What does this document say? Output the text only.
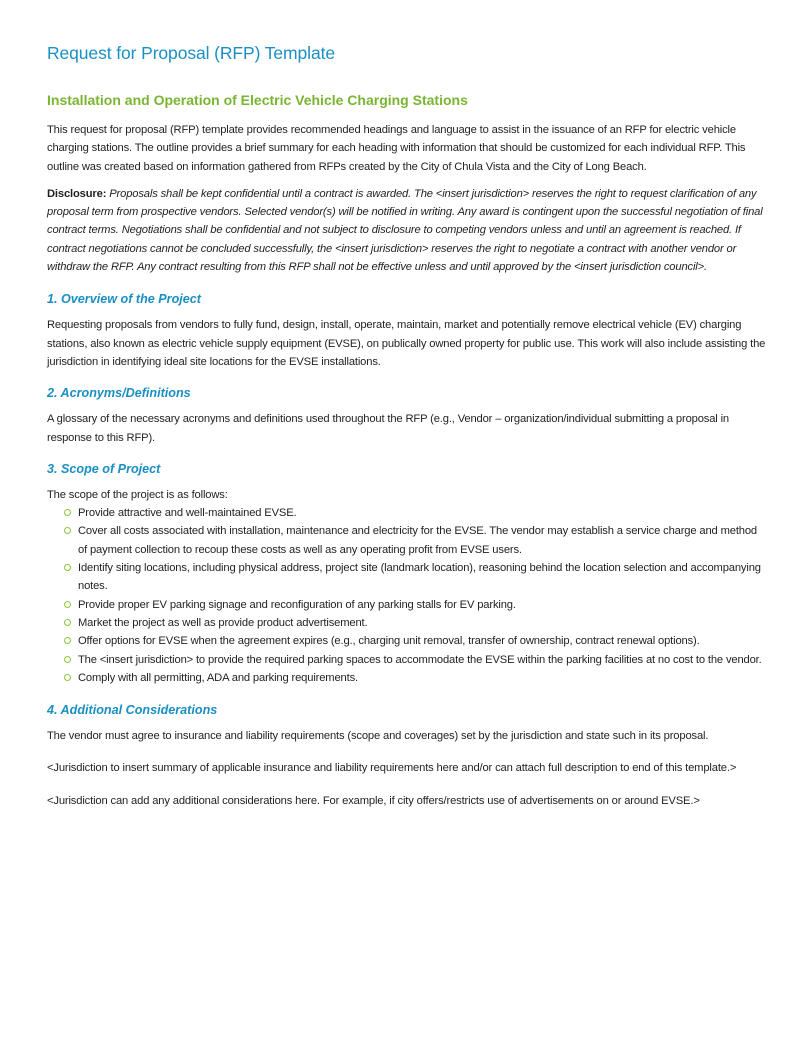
Request for Proposal (RFP) Template
Installation and Operation of Electric Vehicle Charging Stations

This request for proposal (RFP) template provides recommended headings and language to assist in the issuance of an RFP for electric vehicle charging stations. The outline provides a brief summary for each heading with information that should be customized for each individual RFP. This outline was created based on information gathered from RFPs created by the City of Chula Vista and the City of Long Beach.

Disclosure: Proposals shall be kept confidential until a contract is awarded. The <insert jurisdiction> reserves the right to request clarification of any proposal term from prospective vendors. Selected vendor(s) will be notified in writing. Any award is contingent upon the successful negotiation of final contract terms. Negotiations shall be confidential and not subject to disclosure to competing vendors unless and until an agreement is reached. If contract negotiations cannot be concluded successfully, the <insert jurisdiction> reserves the right to negotiate a contract with another vendor or withdraw the RFP. Any contract resulting from this RFP shall not be effective unless and until approved by the <insert jurisdiction council>.

1. Overview of the Project

Requesting proposals from vendors to fully fund, design, install, operate, maintain, market and potentially remove electrical vehicle (EV) charging stations, also known as electric vehicle supply equipment (EVSE), on publically owned property for public use. This work will also include assisting the jurisdiction in identifying ideal site locations for the EVSE installations.

2. Acronyms/Definitions

A glossary of the necessary acronyms and definitions used throughout the RFP (e.g., Vendor – organization/individual submitting a proposal in response to this RFP).

3. Scope of Project

The scope of the project is as follows:

Provide attractive and well-maintained EVSE.
Cover all costs associated with installation, maintenance and electricity for the EVSE. The vendor may establish a service charge and method of payment collection to recoup these costs as well as any operating profit from EVSE users.
Identify siting locations, including physical address, project site (landmark location), reasoning behind the location selection and accompanying notes.
Provide proper EV parking signage and reconfiguration of any parking stalls for EV parking.
Market the project as well as provide product advertisement.
Offer options for EVSE when the agreement expires (e.g., charging unit removal, transfer of ownership, contract renewal options).
The <insert jurisdiction> to provide the required parking spaces to accommodate the EVSE within the parking facilities at no cost to the vendor.
Comply with all permitting, ADA and parking requirements.
4. Additional Considerations

The vendor must agree to insurance and liability requirements (scope and coverages) set by the jurisdiction and state such in its proposal.

<Jurisdiction to insert summary of applicable insurance and liability requirements here and/or can attach full description to end of this template.>

<Jurisdiction can add any additional considerations here. For example, if city offers/restricts use of advertisements on or around EVSE.>
